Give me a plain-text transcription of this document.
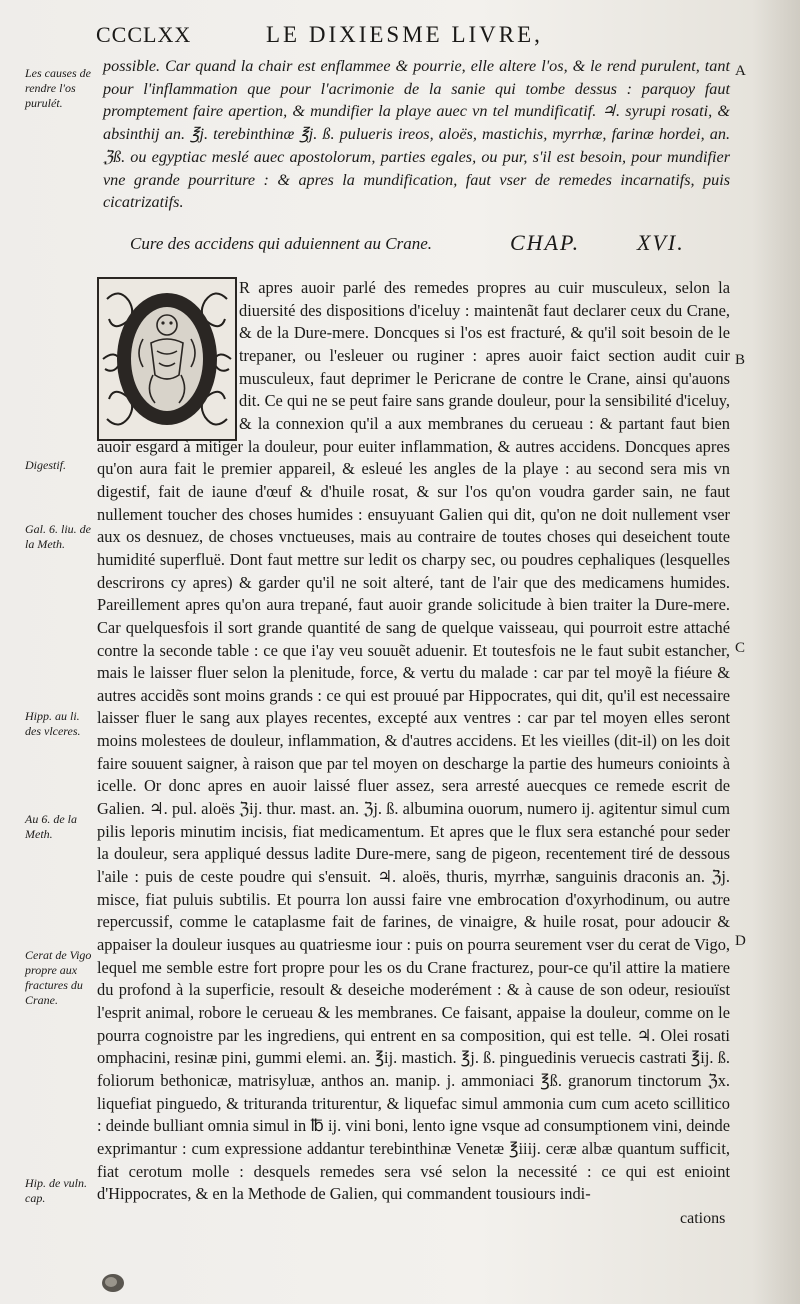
CCCLXX	LE DIXIESME LIVRE,
A
B
C
D
Les causes de rendre l'os purulét.
Digestif.
Gal. 6. liu. de la Meth.
Hipp. au li. des vlceres.
Au 6. de la Meth.
Cerat de Vigo propre aux fractures du Crane.
Hip. de vuln. cap.

possible. Car quand la chair est enflammee & pourrie, elle altere l'os, & le rend purulent, tant pour l'inflammation que pour l'acrimonie de la sanie qui tombe dessus : parquoy faut promptement faire apertion, & mundifier la playe auec vn tel mundificatif. ♃. syrupi rosati, & absinthij an. ℥j. terebinthinæ ℥j. ß. pulueris ireos, aloës, mastichis, myrrhæ, farinæ hordei, an. ℨß. ou egyptiac meslé auec apostolorum, parties egales, ou pur, s'il est besoin, pour mundifier vne grande pourriture : & apres la mundification, faut vser de remedes incarnatifs, puis cicatrizatifs.

Cure des accidens qui aduiennent au Crane.	CHAP.	XVI.

R apres auoir parlé des remedes propres au cuir musculeux, selon la diuersité des dispositions d'iceluy : maintenãt faut declarer ceux du Crane, & de la Dure-mere. Doncques si l'os est fracturé, & qu'il soit besoin de le trepaner, ou l'esleuer ou ruginer : apres auoir faict section audit cuir musculeux, faut deprimer le Pericrane de contre le Crane, ainsi qu'auons dit. Ce qui ne se peut faire sans grande douleur, pour la sensibilité d'iceluy, & la connexion qu'il a aux membranes du cerueau : & partant faut bien auoir esgard à mitiger la douleur, pour euiter inflammation, & autres accidens. Doncques apres qu'on aura fait le premier appareil, & esleué les angles de la playe : au second sera mis vn digestif, fait de iaune d'œuf & d'huile rosat, & sur l'os qu'on voudra garder sain, ne faut nullement toucher des choses humides : ensuyuant Galien qui dit, qu'on ne doit nullement vser aux os desnuez, de choses vnctueuses, mais au contraire de toutes choses qui deseichent toute humidité superfluë. Dont faut mettre sur ledit os charpy sec, ou poudres cephaliques (lesquelles descrirons cy apres) & garder qu'il ne soit alteré, tant de l'air que des medicamens humides. Pareillement apres qu'on aura trepané, faut auoir grande solicitude à bien traiter la Dure-mere. Car quelquesfois il sort grande quantité de sang de quelque vaisseau, qui pourroit estre attaché contre la seconde table : ce que i'ay veu souuẽt aduenir. Et toutesfois ne le faut subit estancher, mais le laisser fluer selon la plenitude, force, & vertu du malade : car par tel moyẽ la fiéure & autres accidẽs sont moins grands : ce qui est prouué par Hippocrates, qui dit, qu'il est necessaire laisser fluer le sang aux playes recentes, excepté aux ventres : car par tel moyen elles seront moins molestees de douleur, inflammation, & d'autres accidens. Et les vieilles (dit-il) on les doit faire souuent saigner, à raison que par tel moyen on descharge la partie des humeurs conioints à icelle. Or donc apres en auoir laissé fluer assez, sera arresté auecques ce remede escrit de Galien. ♃. pul. aloës ℨij. thur. mast. an. ℨj. ß. albumina ouorum, numero ij. agitentur simul cum pilis leporis minutim incisis, fiat medicamentum. Et apres que le flux sera estanché pour seder la douleur, sera appliqué dessus ladite Dure-mere, sang de pigeon, recentement tiré de dessous l'aile : puis de ceste poudre qui s'ensuit. ♃. aloës, thuris, myrrhæ, sanguinis draconis an. ℨj. misce, fiat puluis subtilis. Et pourra lon aussi faire vne embrocation d'oxyrhodinum, ou autre repercussif, comme le cataplasme fait de farines, de vinaigre, & huile rosat, pour adoucir & appaiser la douleur iusques au quatriesme iour : puis on pourra seurement vser du cerat de Vigo, lequel me semble estre fort propre pour les os du Crane fracturez, pour-ce qu'il attire la matiere du profond à la superficie, resoult & deseiche moderément : & à cause de son odeur, resiouïst l'esprit animal, robore le cerueau & les membranes. Ce faisant, appaise la douleur, comme on le pourra cognoistre par les ingrediens, qui entrent en sa composition, qui est telle. ♃. Olei rosati omphacini, resinæ pini, gummi elemi. an. ℥ij. mastich. ℥j. ß. pinguedinis veruecis castrati ℥ij. ß. foliorum bethonicæ, matrisyluæ, anthos an. manip. j. ammoniaci ℥ß. granorum tinctorum ℨx. liquefiat pinguedo, & trituranda triturentur, & liquefac simul ammonia cum cum aceto scillitico : deinde bulliant omnia simul in ℔ ij. vini boni, lento igne vsque ad consumptionem vini, deinde exprimantur : cum expressione addantur terebinthinæ Venetæ ℥iiij. ceræ albæ quantum sufficit, fiat cerotum molle : desquels remedes sera vsé selon la necessité : ce qui est enioint d'Hippocrates, & en la Methode de Galien, qui commandent tousiours indi-

cations
